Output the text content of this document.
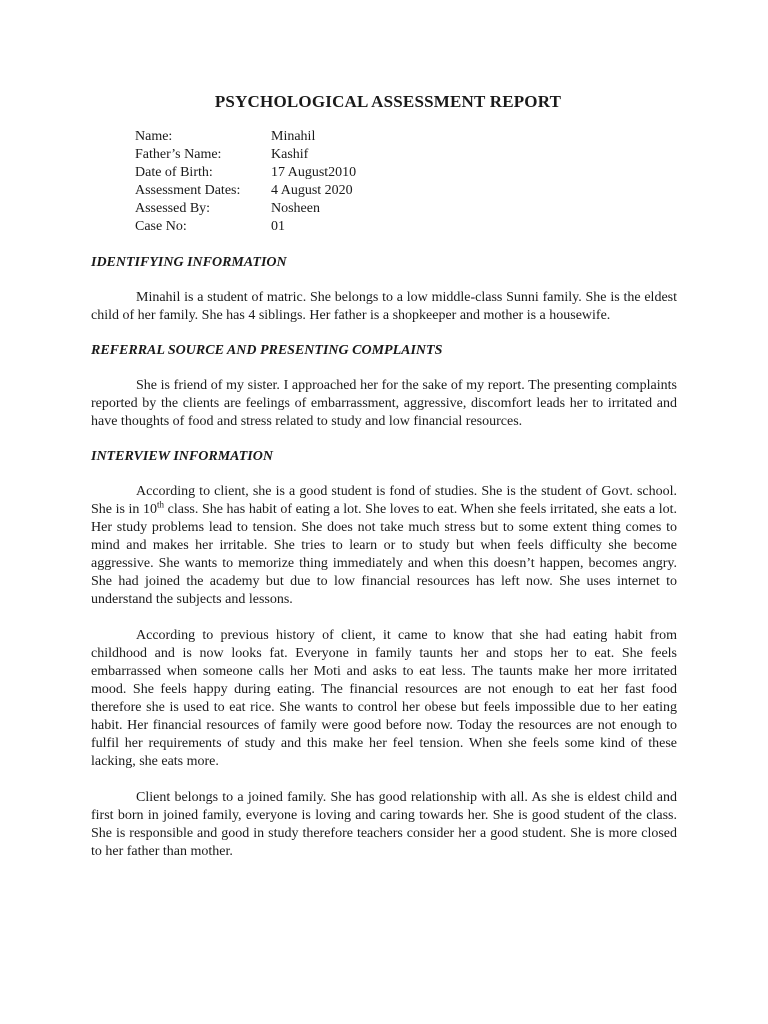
PSYCHOLOGICAL ASSESSMENT REPORT
Name:	Minahil
Father’s Name:	Kashif
Date of Birth:	17 August2010
Assessment Dates:	4 August 2020
Assessed By:	Nosheen
Case No:	01
IDENTIFYING INFORMATION

Minahil is a student of matric. She belongs to a low middle-class Sunni family. She is the eldest child of her family. She has 4 siblings. Her father is a shopkeeper and mother is a housewife.

REFERRAL SOURCE AND PRESENTING COMPLAINTS

She is friend of my sister. I approached her for the sake of my report. The presenting complaints reported by the clients are feelings of embarrassment, aggressive, discomfort leads her to irritated and have thoughts of food and stress related to study and low financial resources.

INTERVIEW INFORMATION

According to client, she is a good student is fond of studies. She is the student of Govt. school. She is in 10th class. She has habit of eating a lot. She loves to eat. When she feels irritated, she eats a lot. Her study problems lead to tension. She does not take much stress but to some extent thing comes to mind and makes her irritable. She tries to learn or to study but when feels difficulty she become aggressive. She wants to memorize thing immediately and when this doesn’t happen, becomes angry. She had joined the academy but due to low financial resources has left now. She uses internet to understand the subjects and lessons.

According to previous history of client, it came to know that she had eating habit from childhood and is now looks fat. Everyone in family taunts her and stops her to eat. She feels embarrassed when someone calls her Moti and asks to eat less. The taunts make her more irritated mood. She feels happy during eating. The financial resources are not enough to eat her fast food therefore she is used to eat rice. She wants to control her obese but feels impossible due to her eating habit. Her financial resources of family were good before now. Today the resources are not enough to fulfil her requirements of study and this make her feel tension. When she feels some kind of these lacking, she eats more.

Client belongs to a joined family. She has good relationship with all. As she is eldest child and first born in joined family, everyone is loving and caring towards her. She is good student of the class. She is responsible and good in study therefore teachers consider her a good student. She is more closed to her father than mother.
